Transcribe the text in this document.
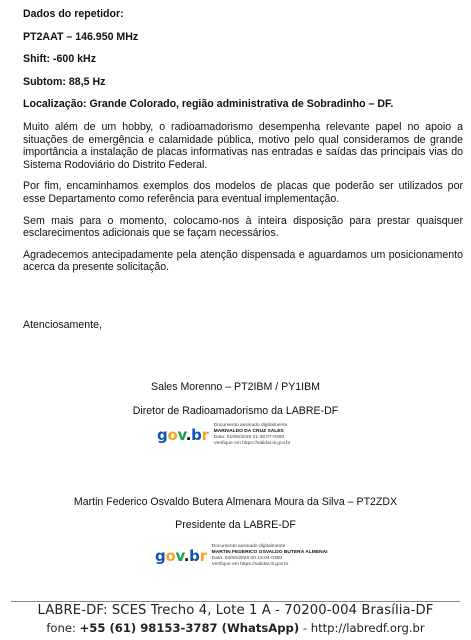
Dados do repetidor:
PT2AAT – 146.950 MHz
Shift: -600 kHz
Subtom: 88,5 Hz
Localização: Grande Colorado, região administrativa de Sobradinho – DF.

Muito além de um hobby, o radioamadorismo desempenha relevante papel no apoio a situações de emergência e calamidade pública, motivo pelo qual consideramos de grande importância a instalação de placas informativas nas entradas e saídas das principais vias do Sistema Rodoviário do Distrito Federal.

Por fim, encaminhamos exemplos dos modelos de placas que poderão ser utilizados por esse Departamento como referência para eventual implementação.

Sem mais para o momento, colocamo-nos à inteira disposição para prestar quaisquer esclarecimentos adicionais que se façam necessários.

Agradecemos antecipadamente pela atenção dispensada e aguardamos um posicionamento acerca da presente solicitação.

Atenciosamente,
Sales Morenno – PT2IBM / PY1IBM
Diretor de Radioamadorismo da LABRE-DF
gov.br
Documento assinado digitalmente
MARIVALDO DA CRUZ SALES
Data: 01/06/2026 21:38:07-0300
Verifique em https://validar.iti.gov.br
Martin Federico Osvaldo Butera Almenara Moura da Silva – PT2ZDX
Presidente da LABRE-DF
gov.br
Documento assinado digitalmente
MARTIN FEDERICO OSVALDO BUTERA ALMENAI
Data: 02/06/2026 00:16:04-0300
Verifique em https://validar.iti.gov.br
LABRE-DF: SCES Trecho 4, Lote 1 A - 70200-004 Brasília-DF
fone: +55 (61) 98153-3787 (WhatsApp) - http://labredf.org.br
